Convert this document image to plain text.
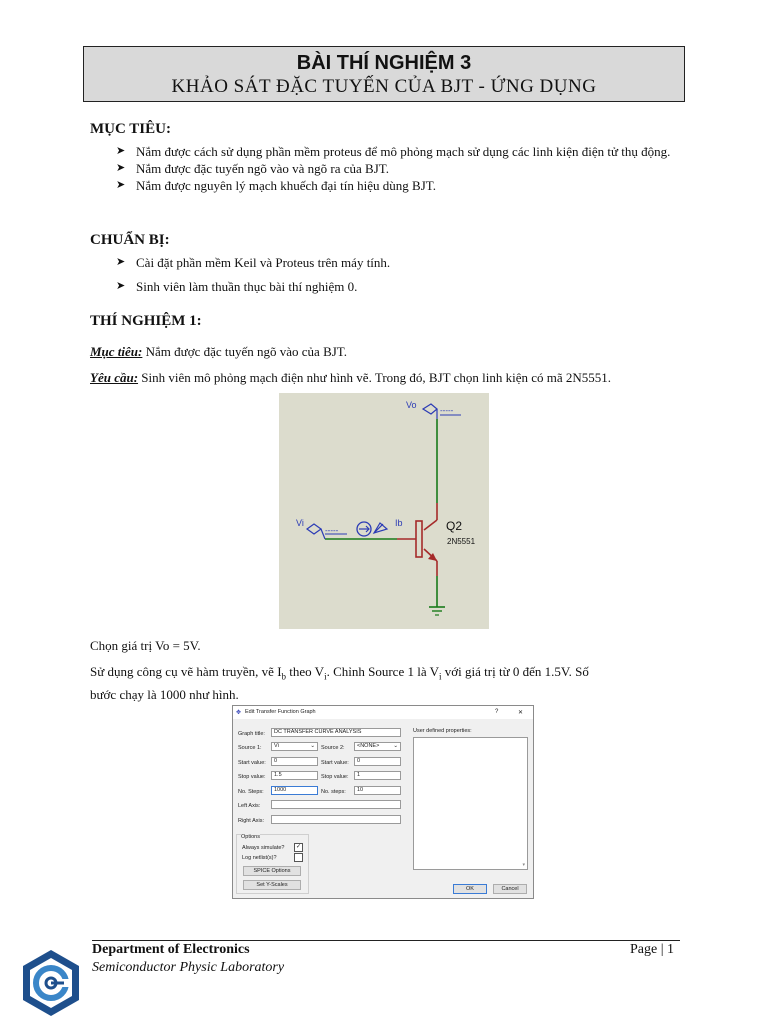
BÀI THÍ NGHIỆM 3
KHẢO SÁT ĐẶC TUYẾN CỦA BJT - ỨNG DỤNG
MỤC TIÊU:
➤ Nắm được cách sử dụng phần mềm proteus để mô phỏng mạch sử dụng các linh kiện điện tử thụ động.
➤ Nắm được đặc tuyến ngõ vào và ngõ ra của BJT.
➤ Nắm được nguyên lý mạch khuếch đại tín hiệu dùng BJT.
CHUẨN BỊ:
➤ Cài đặt phần mềm Keil và Proteus trên máy tính.
➤ Sinh viên làm thuần thục bài thí nghiệm 0.
THÍ NGHIỆM 1:
Mục tiêu: Nắm được đặc tuyến ngõ vào của BJT.
Yêu cầu: Sinh viên mô phỏng mạch điện như hình vẽ. Trong đó, BJT chọn linh kiện có mã 2N5551.
Vo
-----
Vi
-----
Ib	Q2
2N5551
Chọn giá trị Vo = 5V.
Sử dụng công cụ vẽ hàm truyền, vẽ $I_b$ theo $V_i$. Chỉnh Source 1 là $V_i$ với giá trị từ 0 đến 1.5V. Số
bước chạy là 1000 như hình.
✥ Edit Transfer Function Graph	?	✕
Graph title:	DC TRANSFER CURVE ANALYSIS	User defined properties:
▾
Source 1:	Vi	⌄ Source 2:	<NONE>	⌄
Start value:	0	Start value:	0
Stop value:	1.5	Stop value:	1
No. Steps:	1000	No. steps:	10
Left Axis:
Right Axis:
Options
Always simulate?	✓
Log netlist(s)?
SPICE Options
Set Y-Scales
OK	Cancel
Department of Electronics
Semiconductor Physic Laboratory
Page | 1
